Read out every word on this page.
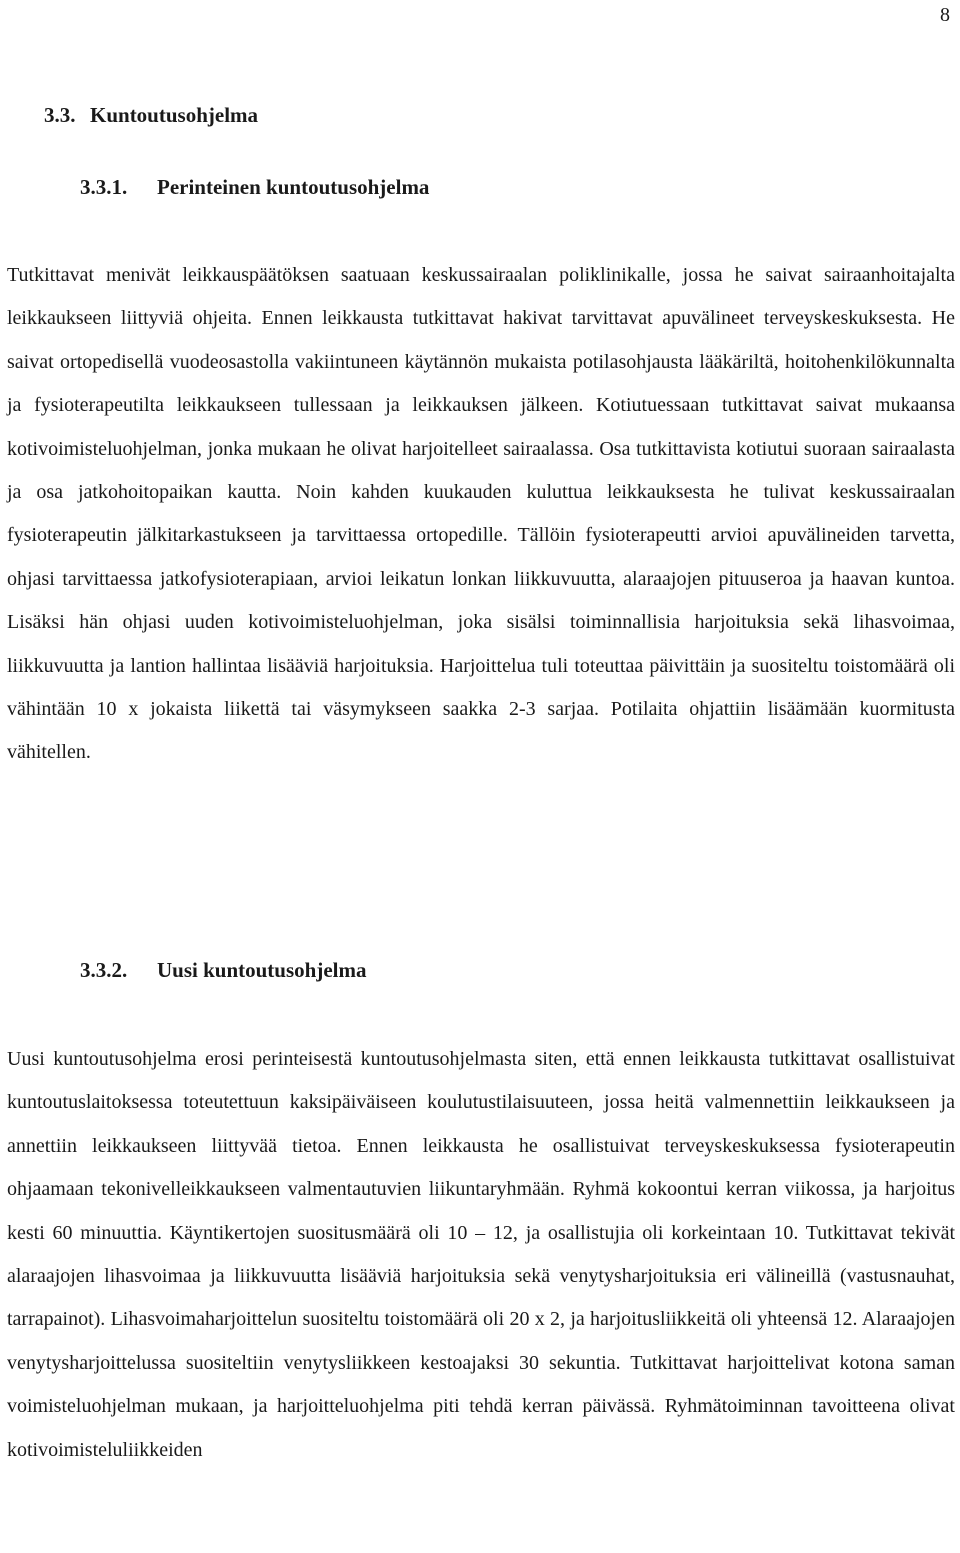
8
3.3. Kuntoutusohjelma
3.3.1. Perinteinen kuntoutusohjelma

Tutkittavat menivät leikkauspäätöksen saatuaan keskussairaalan poliklinikalle, jossa he saivat sairaanhoitajalta leikkaukseen liittyviä ohjeita. Ennen leikkausta tutkittavat hakivat tarvittavat apuvälineet terveyskeskuksesta. He saivat ortopedisellä vuodeosastolla vakiintuneen käytännön mukaista potilasohjausta lääkäriltä, hoitohenkilökunnalta ja fysioterapeutilta leikkaukseen tullessaan ja leikkauksen jälkeen. Kotiutuessaan tutkittavat saivat mukaansa kotivoimisteluohjelman, jonka mukaan he olivat harjoitelleet sairaalassa. Osa tutkittavista kotiutui suoraan sairaalasta ja osa jatkohoitopaikan kautta. Noin kahden kuukauden kuluttua leikkauksesta he tulivat keskussairaalan fysioterapeutin jälkitarkastukseen ja tarvittaessa ortopedille. Tällöin fysioterapeutti arvioi apuvälineiden tarvetta, ohjasi tarvittaessa jatkofysioterapiaan, arvioi leikatun lonkan liikkuvuutta, alaraajojen pituuseroa ja haavan kuntoa. Lisäksi hän ohjasi uuden kotivoimisteluohjelman, joka sisälsi toiminnallisia harjoituksia sekä lihasvoimaa, liikkuvuutta ja lantion hallintaa lisääviä harjoituksia. Harjoittelua tuli toteuttaa päivittäin ja suositeltu toistomäärä oli vähintään 10 x jokaista liikettä tai väsymykseen saakka 2-3 sarjaa. Potilaita ohjattiin lisäämään kuormitusta vähitellen.

3.3.2. Uusi kuntoutusohjelma

Uusi kuntoutusohjelma erosi perinteisestä kuntoutusohjelmasta siten, että ennen leikkausta tutkittavat osallistuivat kuntoutuslaitoksessa toteutettuun kaksipäiväiseen koulutustilaisuuteen, jossa heitä valmennettiin leikkaukseen ja annettiin leikkaukseen liittyvää tietoa. Ennen leikkausta he osallistuivat terveyskeskuksessa fysioterapeutin ohjaamaan tekonivelleikkaukseen valmentautuvien liikuntaryhmään. Ryhmä kokoontui kerran viikossa, ja harjoitus kesti 60 minuuttia. Käyntikertojen suositusmäärä oli 10 – 12, ja osallistujia oli korkeintaan 10. Tutkittavat tekivät alaraajojen lihasvoimaa ja liikkuvuutta lisääviä harjoituksia sekä venytysharjoituksia eri välineillä (vastusnauhat, tarrapainot). Lihasvoimaharjoittelun suositeltu toistomäärä oli 20 x 2, ja harjoitusliikkeitä oli yhteensä 12. Alaraajojen venytysharjoittelussa suositeltiin venytysliikkeen kestoajaksi 30 sekuntia. Tutkittavat harjoittelivat kotona saman voimisteluohjelman mukaan, ja harjoitteluohjelma piti tehdä kerran päivässä. Ryhmätoiminnan tavoitteena olivat kotivoimisteluliikkeiden
